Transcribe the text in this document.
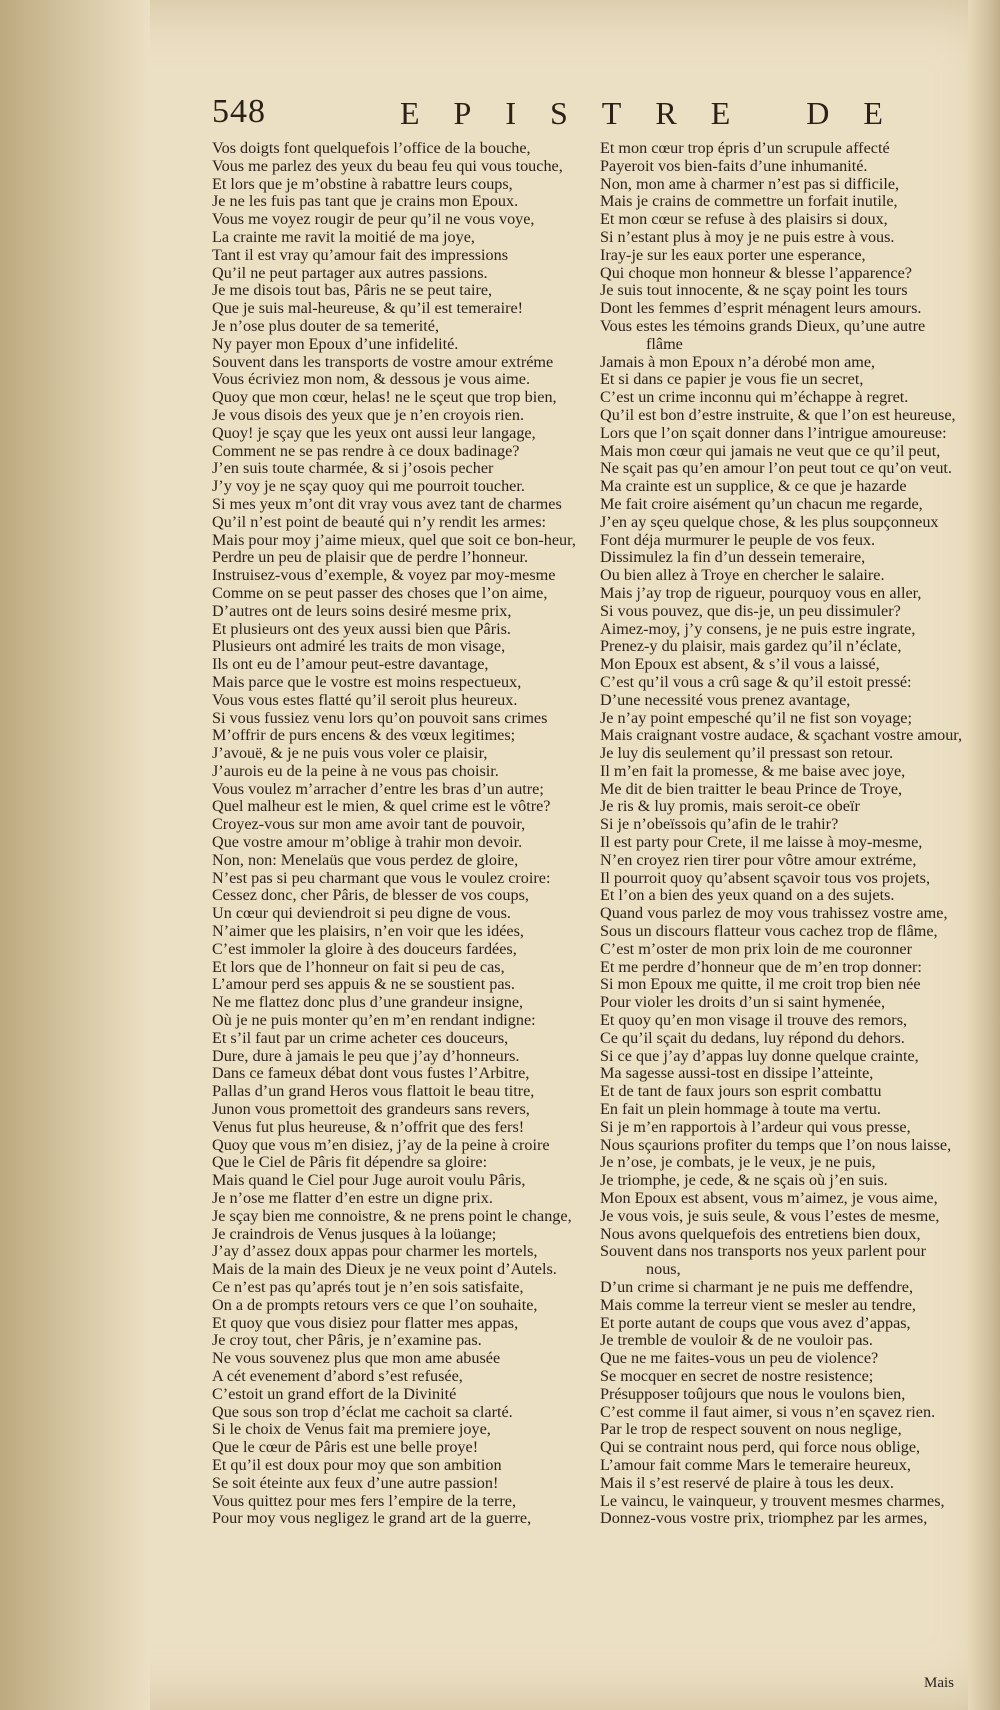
548	EPISTRE DE
Vos doigts font quelquefois l’office de la bouche,
Vous me parlez des yeux du beau feu qui vous touche,
Et lors que je m’obstine à rabattre leurs coups,
Je ne les fuis pas tant que je crains mon Epoux.
Vous me voyez rougir de peur qu’il ne vous voye,
La crainte me ravit la moitié de ma joye,
Tant il est vray qu’amour fait des impressions
Qu’il ne peut partager aux autres passions.
Je me disois tout bas, Pâris ne se peut taire,
Que je suis mal-heureuse, & qu’il est temeraire!
Je n’ose plus douter de sa temerité,
Ny payer mon Epoux d’une infidelité.
Souvent dans les transports de vostre amour extréme
Vous écriviez mon nom, & dessous je vous aime.
Quoy que mon cœur, helas! ne le sçeut que trop bien,
Je vous disois des yeux que je n’en croyois rien.
Quoy! je sçay que les yeux ont aussi leur langage,
Comment ne se pas rendre à ce doux badinage?
J’en suis toute charmée, & si j’osois pecher
J’y voy je ne sçay quoy qui me pourroit toucher.
Si mes yeux m’ont dit vray vous avez tant de charmes
Qu’il n’est point de beauté qui n’y rendit les armes:
Mais pour moy j’aime mieux, quel que soit ce bon-heur,
Perdre un peu de plaisir que de perdre l’honneur.
Instruisez-vous d’exemple, & voyez par moy-mesme
Comme on se peut passer des choses que l’on aime,
D’autres ont de leurs soins desiré mesme prix,
Et plusieurs ont des yeux aussi bien que Pâris.
Plusieurs ont admiré les traits de mon visage,
Ils ont eu de l’amour peut-estre davantage,
Mais parce que le vostre est moins respectueux,
Vous vous estes flatté qu’il seroit plus heureux.
Si vous fussiez venu lors qu’on pouvoit sans crimes
M’offrir de purs encens & des vœux legitimes;
J’avouë, & je ne puis vous voler ce plaisir,
J’aurois eu de la peine à ne vous pas choisir.
Vous voulez m’arracher d’entre les bras d’un autre;
Quel malheur est le mien, & quel crime est le vôtre?
Croyez-vous sur mon ame avoir tant de pouvoir,
Que vostre amour m’oblige à trahir mon devoir.
Non, non: Menelaüs que vous perdez de gloire,
N’est pas si peu charmant que vous le voulez croire:
Cessez donc, cher Pâris, de blesser de vos coups,
Un cœur qui deviendroit si peu digne de vous.
N’aimer que les plaisirs, n’en voir que les idées,
C’est immoler la gloire à des douceurs fardées,
Et lors que de l’honneur on fait si peu de cas,
L’amour perd ses appuis & ne se soustient pas.
Ne me flattez donc plus d’une grandeur insigne,
Où je ne puis monter qu’en m’en rendant indigne:
Et s’il faut par un crime acheter ces douceurs,
Dure, dure à jamais le peu que j’ay d’honneurs.
Dans ce fameux débat dont vous fustes l’Arbitre,
Pallas d’un grand Heros vous flattoit le beau titre,
Junon vous promettoit des grandeurs sans revers,
Venus fut plus heureuse, & n’offrit que des fers!
Quoy que vous m’en disiez, j’ay de la peine à croire
Que le Ciel de Pâris fit dépendre sa gloire:
Mais quand le Ciel pour Juge auroit voulu Pâris,
Je n’ose me flatter d’en estre un digne prix.
Je sçay bien me connoistre, & ne prens point le change,
Je craindrois de Venus jusques à la loüange;
J’ay d’assez doux appas pour charmer les mortels,
Mais de la main des Dieux je ne veux point d’Autels.
Ce n’est pas qu’aprés tout je n’en sois satisfaite,
On a de prompts retours vers ce que l’on souhaite,
Et quoy que vous disiez pour flatter mes appas,
Je croy tout, cher Pâris, je n’examine pas.
Ne vous souvenez plus que mon ame abusée
A cét evenement d’abord s’est refusée,
C’estoit un grand effort de la Divinité
Que sous son trop d’éclat me cachoit sa clarté.
Si le choix de Venus fait ma premiere joye,
Que le cœur de Pâris est une belle proye!
Et qu’il est doux pour moy que son ambition
Se soit éteinte aux feux d’une autre passion!
Vous quittez pour mes fers l’empire de la terre,
Pour moy vous negligez le grand art de la guerre,
Et mon cœur trop épris d’un scrupule affecté
Payeroit vos bien-faits d’une inhumanité.
Non, mon ame à charmer n’est pas si difficile,
Mais je crains de commettre un forfait inutile,
Et mon cœur se refuse à des plaisirs si doux,
Si n’estant plus à moy je ne puis estre à vous.
Iray-je sur les eaux porter une esperance,
Qui choque mon honneur & blesse l’apparence?
Je suis tout innocente, & ne sçay point les tours
Dont les femmes d’esprit ménagent leurs amours.
Vous estes les témoins grands Dieux, qu’une autre
flâme
Jamais à mon Epoux n’a dérobé mon ame,
Et si dans ce papier je vous fie un secret,
C’est un crime inconnu qui m’échappe à regret.
Qu’il est bon d’estre instruite, & que l’on est heureuse,
Lors que l’on sçait donner dans l’intrigue amoureuse:
Mais mon cœur qui jamais ne veut que ce qu’il peut,
Ne sçait pas qu’en amour l’on peut tout ce qu’on veut.
Ma crainte est un supplice, & ce que je hazarde
Me fait croire aisément qu’un chacun me regarde,
J’en ay sçeu quelque chose, & les plus soupçonneux
Font déja murmurer le peuple de vos feux.
Dissimulez la fin d’un dessein temeraire,
Ou bien allez à Troye en chercher le salaire.
Mais j’ay trop de rigueur, pourquoy vous en aller,
Si vous pouvez, que dis-je, un peu dissimuler?
Aimez-moy, j’y consens, je ne puis estre ingrate,
Prenez-y du plaisir, mais gardez qu’il n’éclate,
Mon Epoux est absent, & s’il vous a laissé,
C’est qu’il vous a crû sage & qu’il estoit pressé:
D’une necessité vous prenez avantage,
Je n’ay point empesché qu’il ne fist son voyage;
Mais craignant vostre audace, & sçachant vostre amour,
Je luy dis seulement qu’il pressast son retour.
Il m’en fait la promesse, & me baise avec joye,
Me dit de bien traitter le beau Prince de Troye,
Je ris & luy promis, mais seroit-ce obeïr
Si je n’obeïssois qu’afin de le trahir?
Il est party pour Crete, il me laisse à moy-mesme,
N’en croyez rien tirer pour vôtre amour extréme,
Il pourroit quoy qu’absent sçavoir tous vos projets,
Et l’on a bien des yeux quand on a des sujets.
Quand vous parlez de moy vous trahissez vostre ame,
Sous un discours flatteur vous cachez trop de flâme,
C’est m’oster de mon prix loin de me couronner
Et me perdre d’honneur que de m’en trop donner:
Si mon Epoux me quitte, il me croit trop bien née
Pour violer les droits d’un si saint hymenée,
Et quoy qu’en mon visage il trouve des remors,
Ce qu’il sçait du dedans, luy répond du dehors.
Si ce que j’ay d’appas luy donne quelque crainte,
Ma sagesse aussi-tost en dissipe l’atteinte,
Et de tant de faux jours son esprit combattu
En fait un plein hommage à toute ma vertu.
Si je m’en rapportois à l’ardeur qui vous presse,
Nous sçaurions profiter du temps que l’on nous laisse,
Je n’ose, je combats, je le veux, je ne puis,
Je triomphe, je cede, & ne sçais où j’en suis.
Mon Epoux est absent, vous m’aimez, je vous aime,
Je vous vois, je suis seule, & vous l’estes de mesme,
Nous avons quelquefois des entretiens bien doux,
Souvent dans nos transports nos yeux parlent pour
nous,
D’un crime si charmant je ne puis me deffendre,
Mais comme la terreur vient se mesler au tendre,
Et porte autant de coups que vous avez d’appas,
Je tremble de vouloir & de ne vouloir pas.
Que ne me faites-vous un peu de violence?
Se mocquer en secret de nostre resistence;
Présupposer toûjours que nous le voulons bien,
C’est comme il faut aimer, si vous n’en sçavez rien.
Par le trop de respect souvent on nous neglige,
Qui se contraint nous perd, qui force nous oblige,
L’amour fait comme Mars le temeraire heureux,
Mais il s’est reservé de plaire à tous les deux.
Le vaincu, le vainqueur, y trouvent mesmes charmes,
Donnez-vous vostre prix, triomphez par les armes,
Mais
